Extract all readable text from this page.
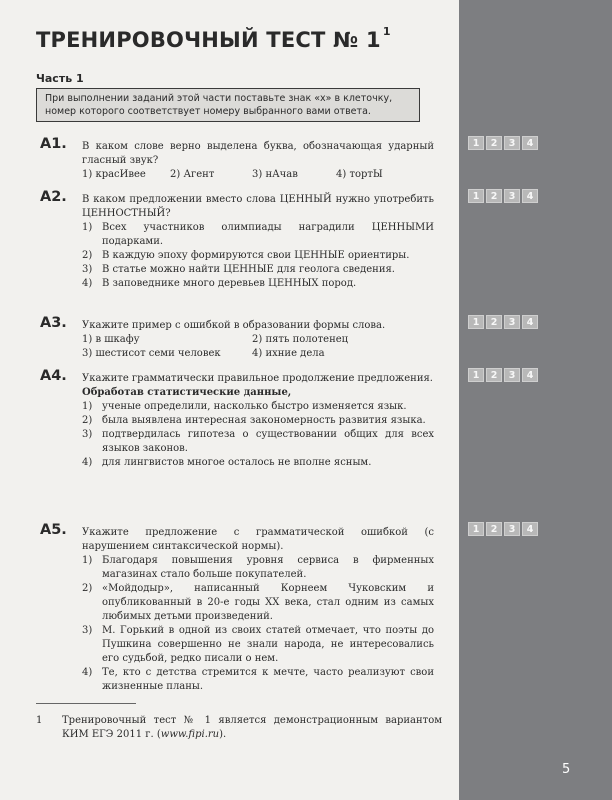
ТРЕНИРОВОЧНЫЙ ТЕСТ № 1 $^1$
Часть 1
При выполнении заданий этой части поставьте знак «х» в клеточку, номер которого соответствует номеру выбранного вами ответа.
А1. В каком слове верно выделена буква, обозначающая ударный гласный звук?
1) красИвее	2) Агент	3) нАчав	4) тортЫ
1	2	3	4
А2. В каком предложении вместо слова ЦЕННЫЙ нужно употребить ЦЕННОСТНЫЙ?
1) Всех участников олимпиады наградили ЦЕННЫМИ подарками.
2) В каждую эпоху формируются свои ЦЕННЫЕ ориентиры.
3) В статье можно найти ЦЕННЫЕ для геолога сведения.
4) В заповеднике много деревьев ЦЕННЫХ пород.
1	2	3	4
А3. Укажите пример с ошибкой в образовании формы слова.
1) в шкафу	2) пять полотенец
3) шестисот семи человек	4) ихние дела
1	2	3	4
А4. Укажите грамматически правильное продолжение предложения.
Обработав статистические данные,
1) ученые определили, насколько быстро изменяется язык.
2) была выявлена интересная закономерность развития языка.
3) подтвердилась гипотеза о существовании общих для всех языков законов.
4) для лингвистов многое осталось не вполне ясным.
1	2	3	4
А5. Укажите предложение с грамматической ошибкой (с нарушением синтаксической нормы).
1) Благодаря повышения уровня сервиса в фирменных магазинах стало больше покупателей.
2) «Мойдодыр», написанный Корнеем Чуковским и опубликованный в 20-е годы XX века, стал одним из самых любимых детьми произведений.
3) М. Горький в одной из своих статей отмечает, что поэты до Пушкина совершенно не знали народа, не интересовались его судьбой, редко писали о нем.
4) Те, кто с детства стремится к мечте, часто реализуют свои жизненные планы.
1	2	3	4
1 Тренировочный тест № 1 является демонстрационным вариантом КИМ ЕГЭ 2011 г. (www.fipi.ru).
5
